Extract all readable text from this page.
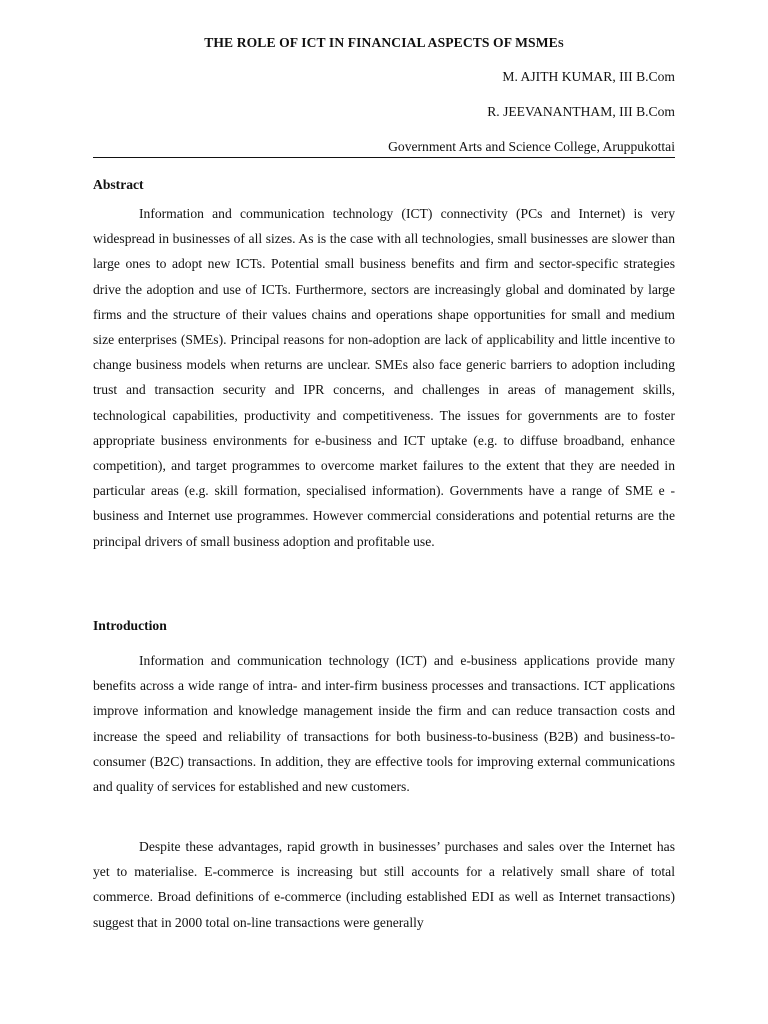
THE ROLE OF ICT IN FINANCIAL ASPECTS OF MSMES
M. AJITH KUMAR, III B.Com
R. JEEVANANTHAM, III B.Com
Government Arts and Science College, Aruppukottai
Abstract

Information and communication technology (ICT) connectivity (PCs and Internet) is very widespread in businesses of all sizes. As is the case with all technologies, small businesses are slower than large ones to adopt new ICTs. Potential small business benefits and firm and sector-specific strategies drive the adoption and use of ICTs. Furthermore, sectors are increasingly global and dominated by large firms and the structure of their values chains and operations shape opportunities for small and medium size enterprises (SMEs). Principal reasons for non-adoption are lack of applicability and little incentive to change business models when returns are unclear. SMEs also face generic barriers to adoption including trust and transaction security and IPR concerns, and challenges in areas of management skills, technological capabilities, productivity and competitiveness. The issues for governments are to foster appropriate business environments for e-business and ICT uptake (e.g. to diffuse broadband, enhance competition), and target programmes to overcome market failures to the extent that they are needed in particular areas (e.g. skill formation, specialised information). Governments have a range of SME e - business and Internet use programmes. However commercial considerations and potential returns are the principal drivers of small business adoption and profitable use.

Introduction

Information and communication technology (ICT) and e-business applications provide many benefits across a wide range of intra- and inter-firm business processes and transactions. ICT applications improve information and knowledge management inside the firm and can reduce transaction costs and increase the speed and reliability of transactions for both business-to-business (B2B) and business-to-consumer (B2C) transactions. In addition, they are effective tools for improving external communications and quality of services for established and new customers.

Despite these advantages, rapid growth in businesses’ purchases and sales over the Internet has yet to materialise. E-commerce is increasing but still accounts for a relatively small share of total commerce. Broad definitions of e-commerce (including established EDI as well as Internet transactions) suggest that in 2000 total on-line transactions were generally
